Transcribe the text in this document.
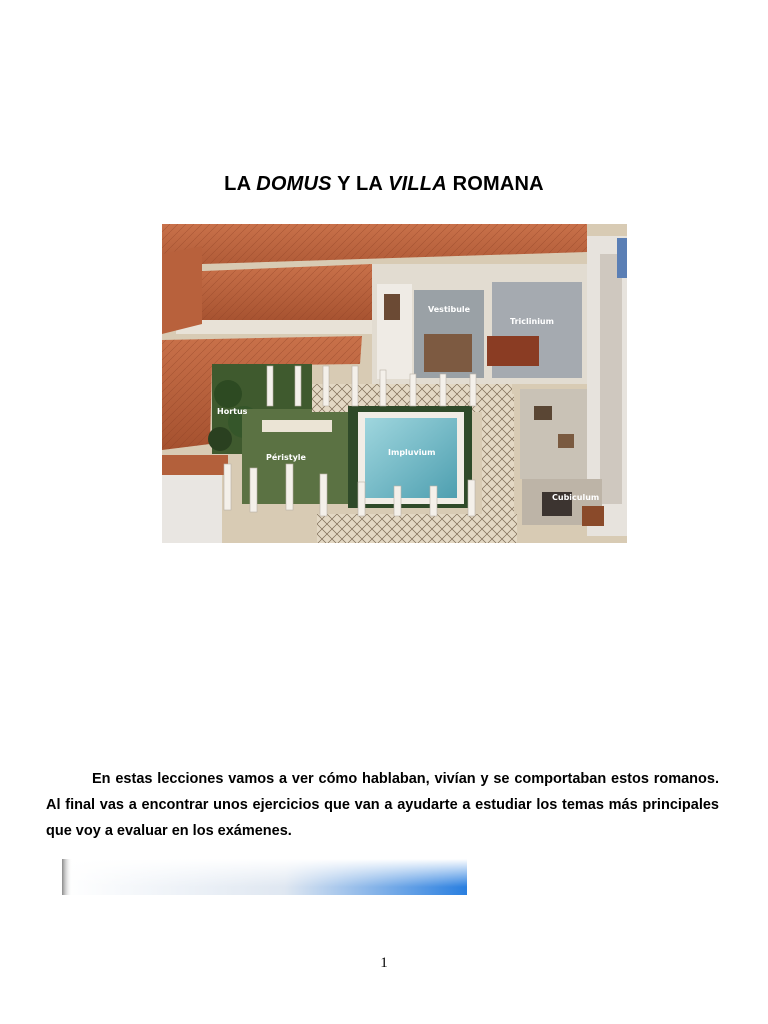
LA DOMUS Y LA VILLA ROMANA
Vestibule
Triclinium
Hortus
Péristyle
Impluvium
Cubiculum

En estas lecciones vamos a ver cómo hablaban, vivían y se comportaban estos romanos. Al final vas a encontrar unos ejercicios que van a ayudarte a estudiar los temas más principales que voy a evaluar en los exámenes.

1
